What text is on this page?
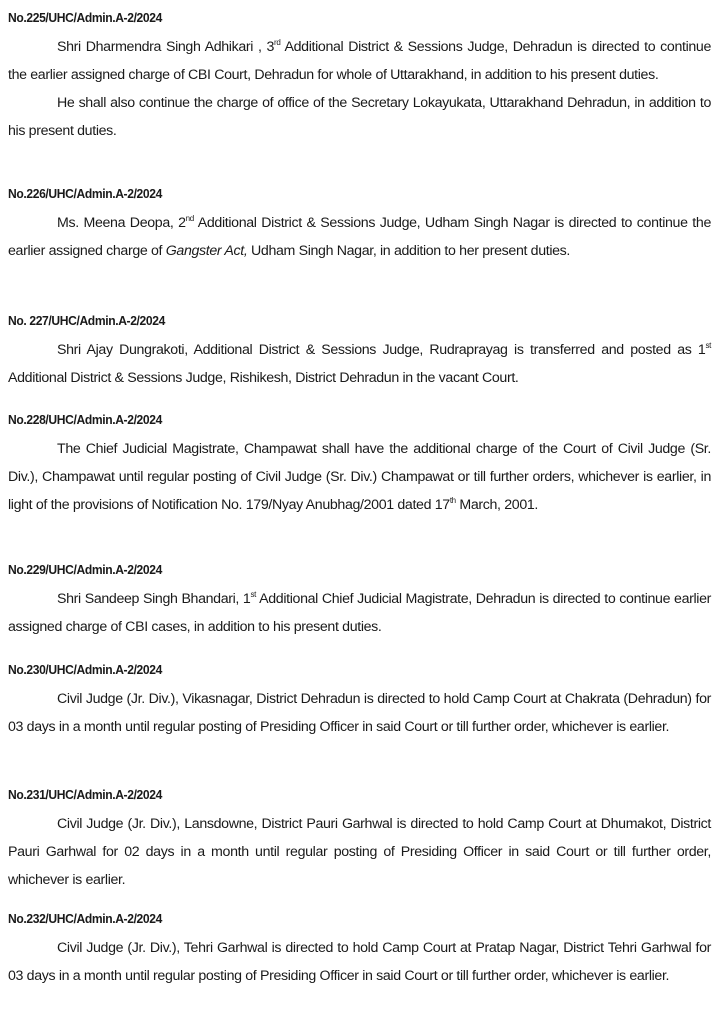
No.225/UHC/Admin.A-2/2024

Shri Dharmendra Singh Adhikari , 3rd Additional District & Sessions Judge, Dehradun is directed to continue the earlier assigned charge of CBI Court, Dehradun for whole of Uttarakhand, in addition to his present duties.

He shall also continue the charge of office of the Secretary Lokayukata, Uttarakhand Dehradun, in addition to his present duties.

No.226/UHC/Admin.A-2/2024

Ms. Meena Deopa, 2nd Additional District & Sessions Judge, Udham Singh Nagar is directed to continue the earlier assigned charge of Gangster Act, Udham Singh Nagar, in addition to her present duties.

No. 227/UHC/Admin.A-2/2024

Shri Ajay Dungrakoti, Additional District & Sessions Judge, Rudraprayag is transferred and posted as 1st Additional District & Sessions Judge, Rishikesh, District Dehradun in the vacant Court.

No.228/UHC/Admin.A-2/2024

The Chief Judicial Magistrate, Champawat shall have the additional charge of the Court of Civil Judge (Sr. Div.), Champawat until regular posting of Civil Judge (Sr. Div.) Champawat or till further orders, whichever is earlier, in light of the provisions of Notification No. 179/Nyay Anubhag/2001 dated 17th March, 2001.

No.229/UHC/Admin.A-2/2024

Shri Sandeep Singh Bhandari, 1st Additional Chief Judicial Magistrate, Dehradun is directed to continue earlier assigned charge of CBI cases, in addition to his present duties.

No.230/UHC/Admin.A-2/2024

Civil Judge (Jr. Div.), Vikasnagar, District Dehradun is directed to hold Camp Court at Chakrata (Dehradun) for 03 days in a month until regular posting of Presiding Officer in said Court or till further order, whichever is earlier.

No.231/UHC/Admin.A-2/2024

Civil Judge (Jr. Div.), Lansdowne, District Pauri Garhwal is directed to hold Camp Court at Dhumakot, District Pauri Garhwal for 02 days in a month until regular posting of Presiding Officer in said Court or till further order, whichever is earlier.

No.232/UHC/Admin.A-2/2024

Civil Judge (Jr. Div.), Tehri Garhwal is directed to hold Camp Court at Pratap Nagar, District Tehri Garhwal for 03 days in a month until regular posting of Presiding Officer in said Court or till further order, whichever is earlier.
